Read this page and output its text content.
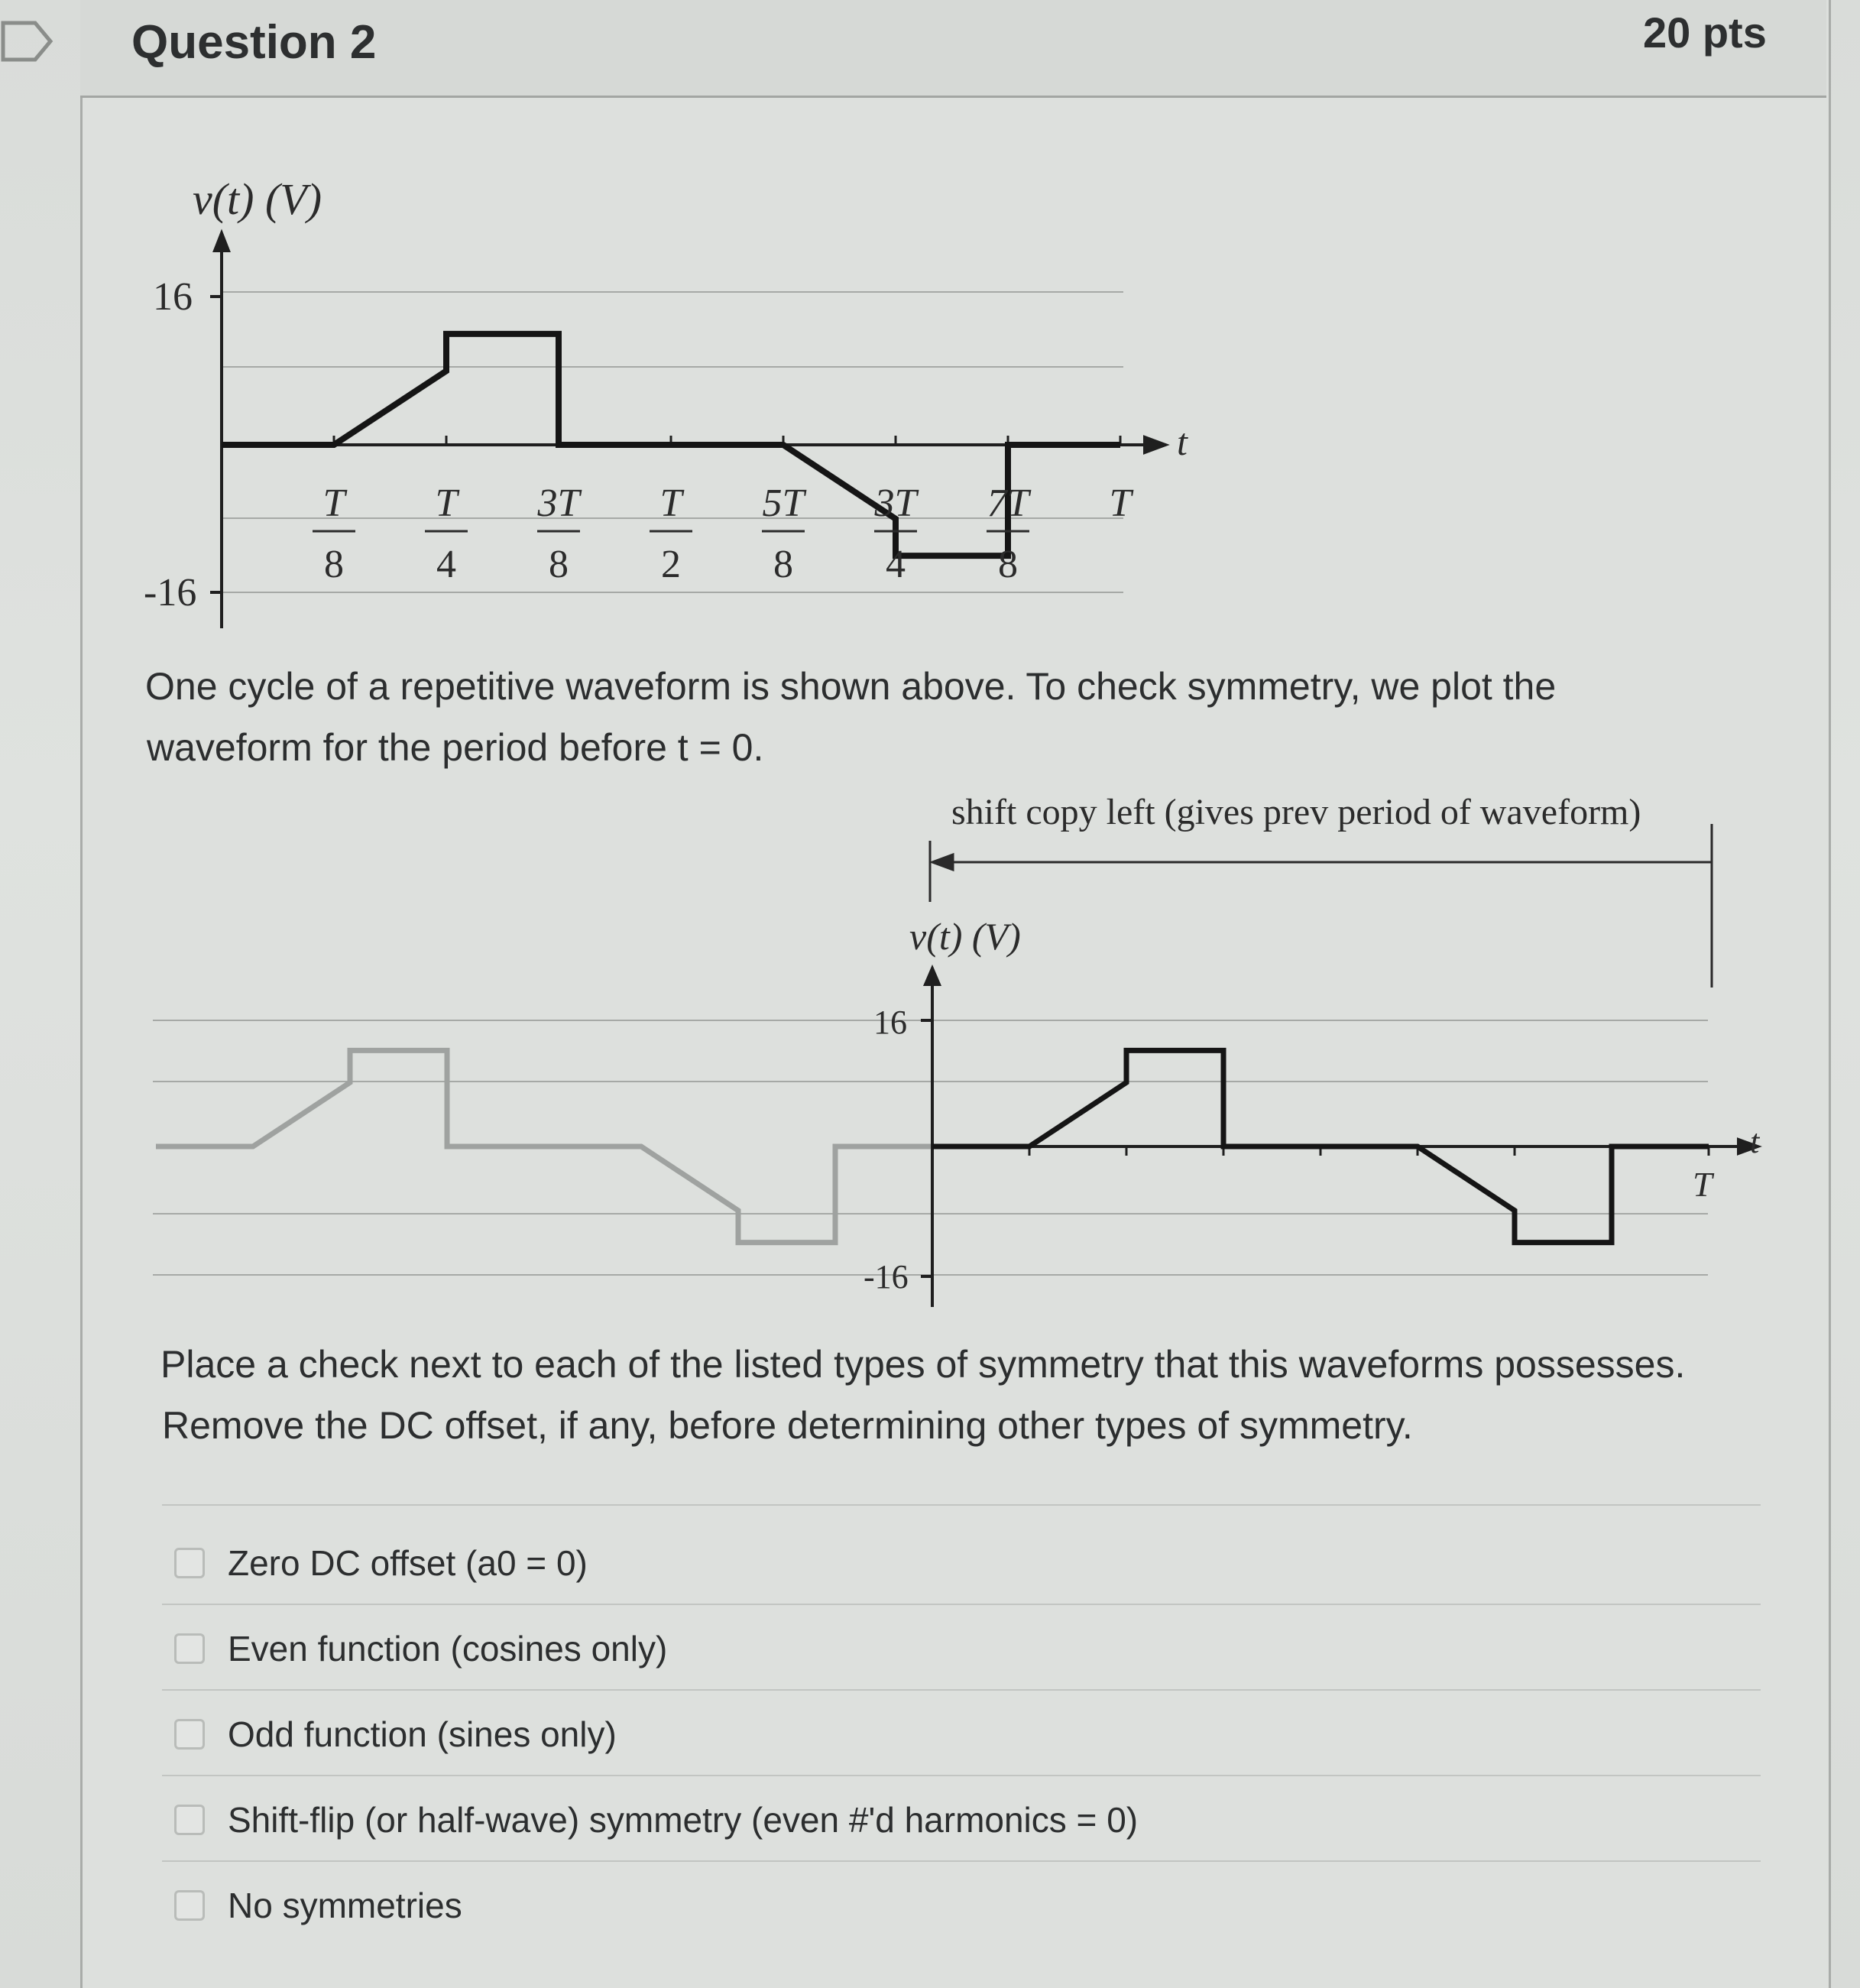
Question 2	20 pts
v(t) (V)
t
16
-16
T
8
T
4
3T
8
T
2
5T
8
3T
4
7T
8
T
One cycle of a repetitive waveform is shown above. To check symmetry, we plot the
waveform for the period before t = 0.
shift copy left (gives prev period of waveform)
v(t) (V)
16
-16
t
T
Place a check next to each of the listed types of symmetry that this waveforms possesses.
Remove the DC offset, if any, before determining other types of symmetry.
Zero DC offset (a0 = 0)
Even function (cosines only)
Odd function (sines only)
Shift-flip (or half-wave) symmetry (even #'d harmonics = 0)
No symmetries
